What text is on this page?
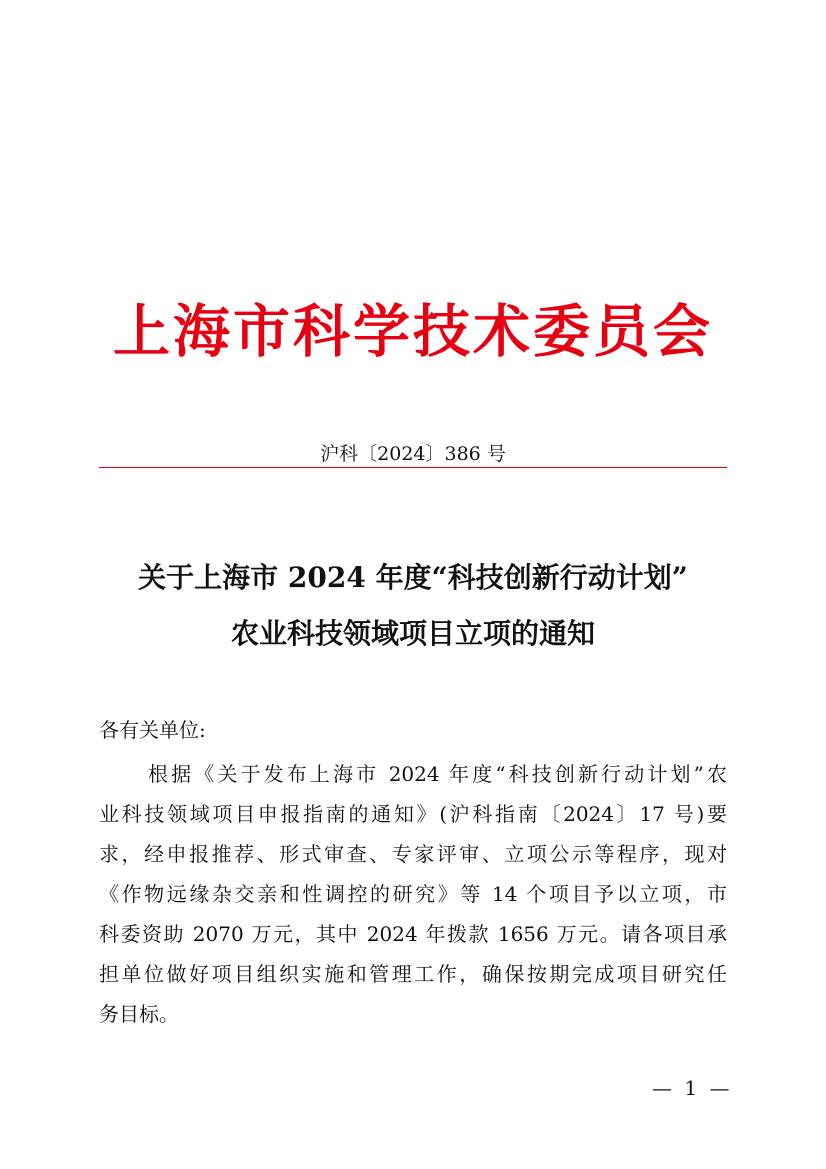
上海市科学技术委员会
沪科〔2024〕386 号
关于上海市 2024 年度“科技创新行动计划”
农业科技领域项目立项的通知
各有关单位:
根据《关于发布上海市 2024 年度“科技创新行动计划”农
业科技领域项目申报指南的通知》(沪科指南〔2024〕17 号)要
求，经申报推荐、形式审查、专家评审、立项公示等程序，现对
《作物远缘杂交亲和性调控的研究》等 14 个项目予以立项，市
科委资助 2070 万元，其中 2024 年拨款 1656 万元。请各项目承
担单位做好项目组织实施和管理工作，确保按期完成项目研究任
务目标。
— 1 —
